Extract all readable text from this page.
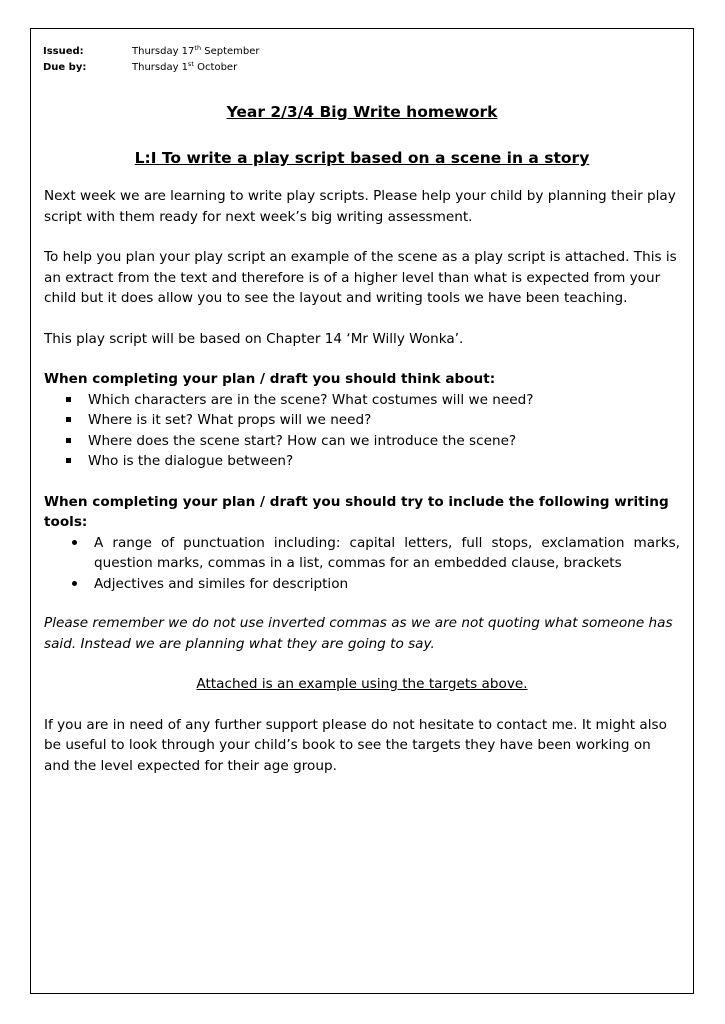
Issued:	Thursday 17th September
Due by:	Thursday 1st October

Year 2/3/4 Big Write homework

L:I To write a play script based on a scene in a story

Next week we are learning to write play scripts. Please help your child by planning their play script with them ready for next week’s big writing assessment.

To help you plan your play script an example of the scene as a play script is attached. This is an extract from the text and therefore is of a higher level than what is expected from your child but it does allow you to see the layout and writing tools we have been teaching.

This play script will be based on Chapter 14 ‘Mr Willy Wonka’.

When completing your plan / draft you should think about:

Which characters are in the scene? What costumes will we need?
Where is it set? What props will we need?
Where does the scene start? How can we introduce the scene?
Who is the dialogue between?

When completing your plan / draft you should try to include the following writing tools:

A range of punctuation including: capital letters, full stops, exclamation marks, question marks, commas in a list, commas for an embedded clause, brackets
Adjectives and similes for description

Please remember we do not use inverted commas as we are not quoting what someone has said. Instead we are planning what they are going to say.

Attached is an example using the targets above.

If you are in need of any further support please do not hesitate to contact me. It might also be useful to look through your child’s book to see the targets they have been working on and the level expected for their age group.
